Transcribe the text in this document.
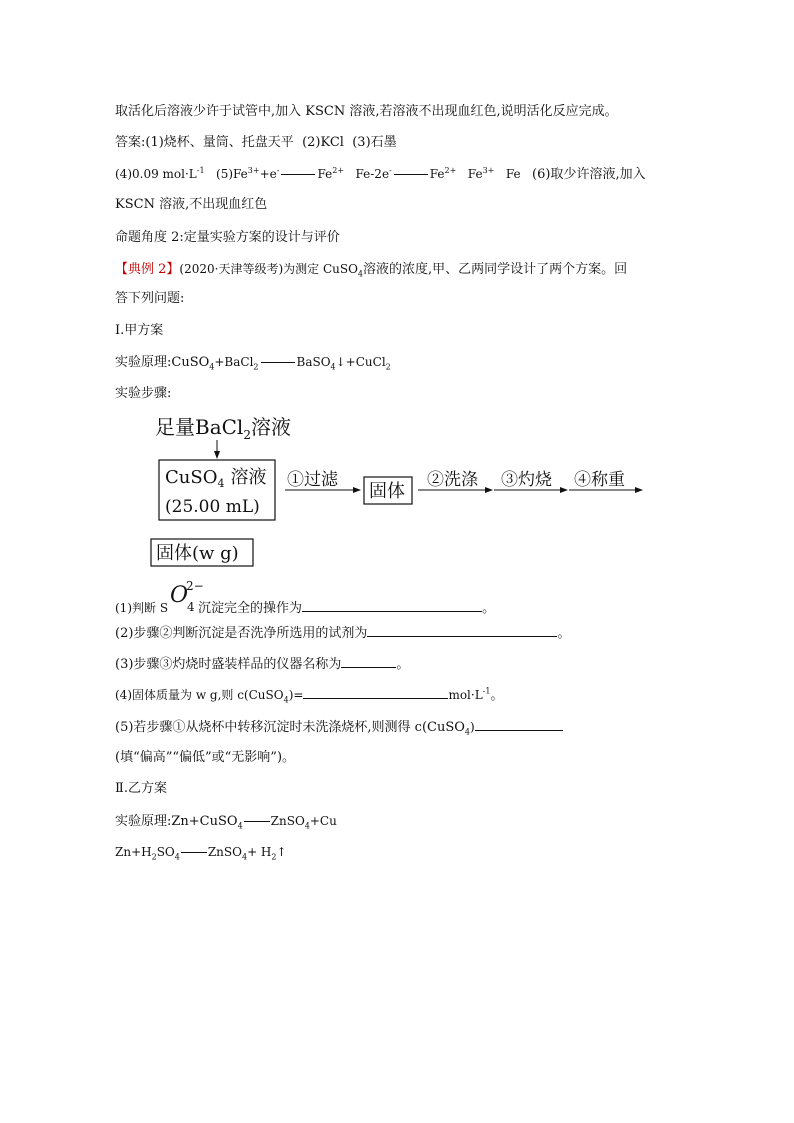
取活化后溶液少许于试管中,加入 KSCN 溶液,若溶液不出现血红色,说明活化反应完成。
答案:(1)烧杯、量筒、托盘天平 (2)KCl (3)石墨
(4)0.09 $mol\cdot L^{-1}$ $(5)Fe^{3+}+e^-$	$Fe^{2+}$ Fe-2e-	$Fe^{2+}$ $Fe^{3+}$ Fe (6)取少许溶液,加入
KSCN 溶液,不出现血红色
命题角度 2:定量实验方案的设计与评价
【典例 2】(2020·天津等级考)为测定 CuSO$_4$溶液的浓度,甲、乙两同学设计了两个方案。回
答下列问题:
Ⅰ.甲方案
实验原理:CuSO$_4$+BaCl$_2$	BaSO$_4$↓+CuCl$_2$
实验步骤:
足量BaCl$_2$溶液
CuSO$_4$ 溶液
(25.00 mL)
①过滤
固体
②洗涤 ③灼烧 ④称重
固体(w g)
(1)判断 S O
2−
4 沉淀完全的操作为	。
(2)步骤②判断沉淀是否洗净所选用的试剂为	。
(3)步骤③灼烧时盛装样品的仪器名称为	。
(4)固体质量为 w g,则 c(CuSO$_4$)=	$mol\cdot L^{-1}$。
(5)若步骤①从烧杯中转移沉淀时未洗涤烧杯,则测得 c(CuSO$_4$)
(填“偏高”“偏低”或“无影响”)。
Ⅱ.乙方案
实验原理:Zn+CuSO$_4$ ZnSO$_4$+Cu
$Zn+H_2SO_4$ ZnSO$_4$+ $H_2↑$
